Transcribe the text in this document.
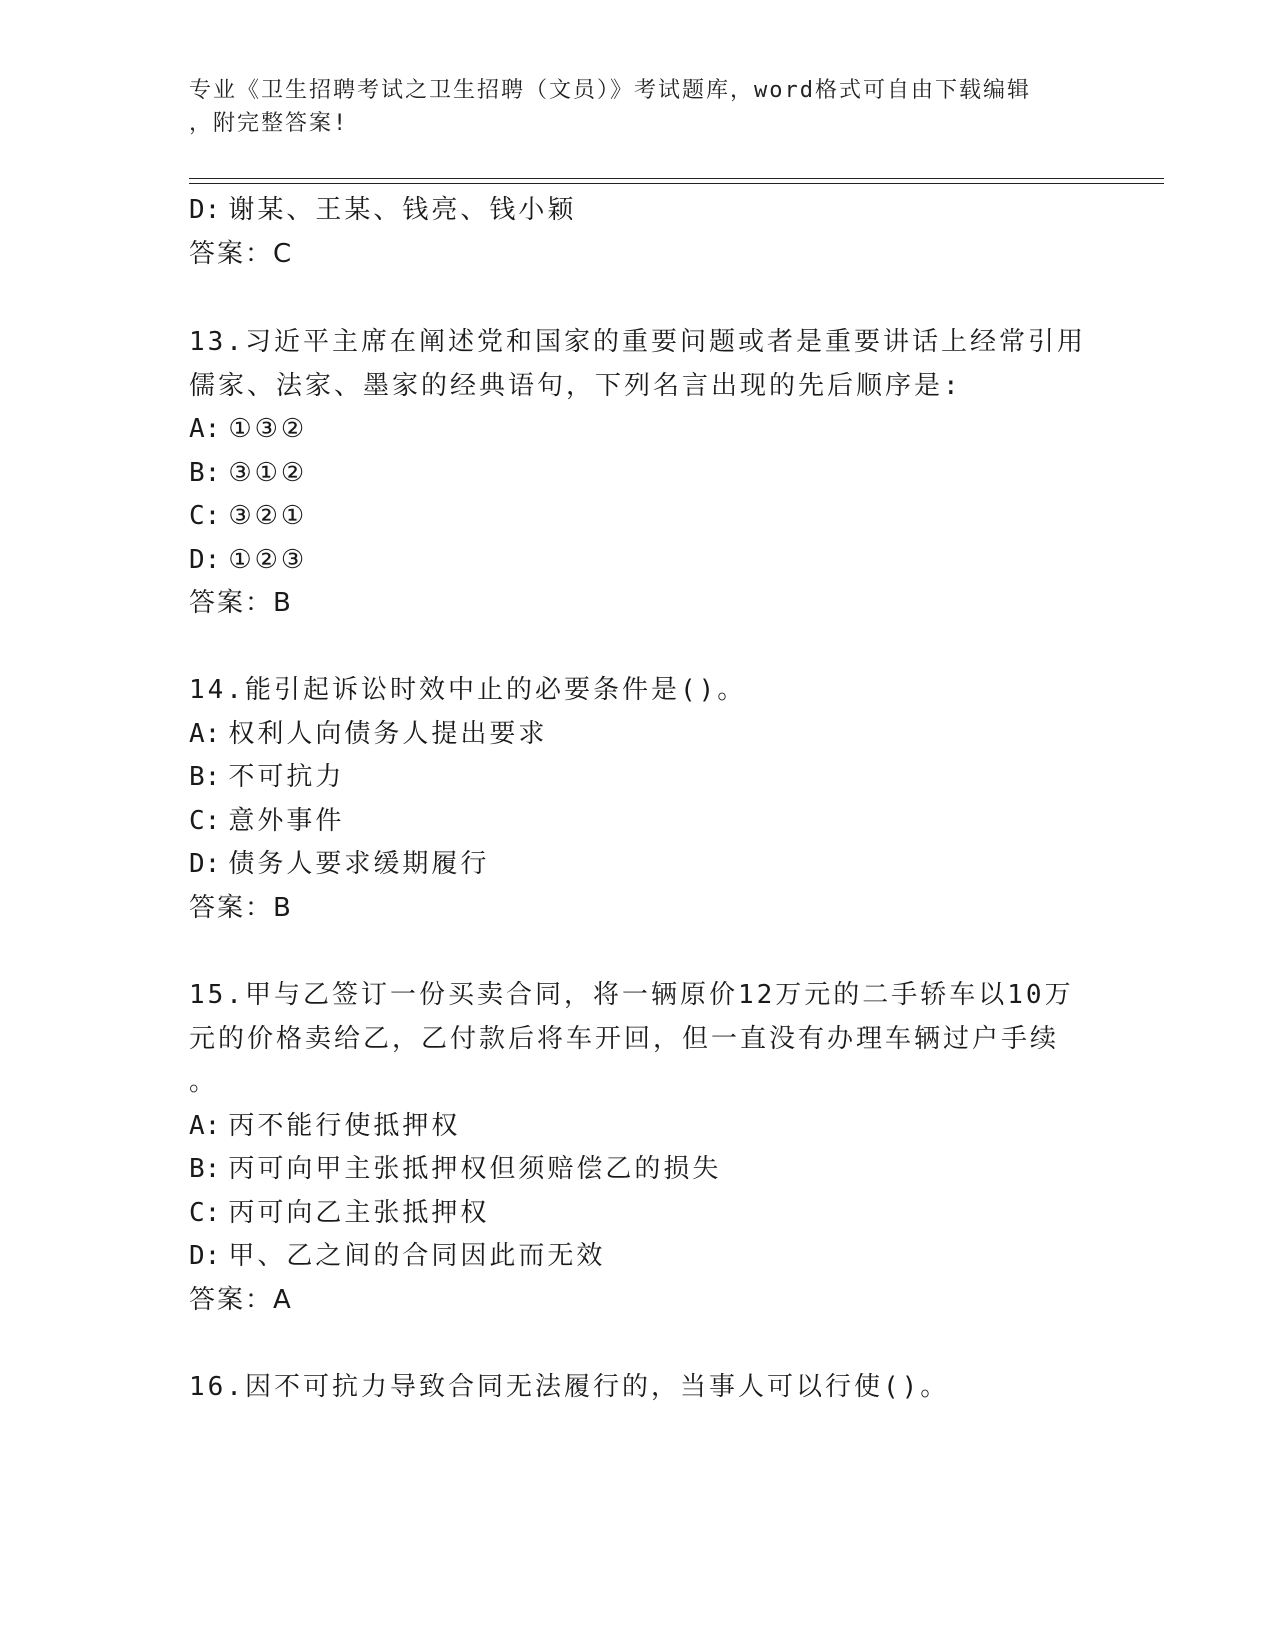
专业《卫生招聘考试之卫生招聘（文员）》考试题库，word格式可自由下载编辑
，附完整答案!
D: 谢某、王某、钱亮、钱小颖
答案：C
13.习近平主席在阐述党和国家的重要问题或者是重要讲话上经常引用
儒家、法家、墨家的经典语句，下列名言出现的先后顺序是:
A: ①③②
B: ③①②
C: ③②①
D: ①②③
答案：B
14.能引起诉讼时效中止的必要条件是()。
A: 权利人向债务人提出要求
B: 不可抗力
C: 意外事件
D: 债务人要求缓期履行
答案：B
15.甲与乙签订一份买卖合同，将一辆原价12万元的二手轿车以10万
元的价格卖给乙，乙付款后将车开回，但一直没有办理车辆过户手续
。
A: 丙不能行使抵押权
B: 丙可向甲主张抵押权但须赔偿乙的损失
C: 丙可向乙主张抵押权
D: 甲、乙之间的合同因此而无效
答案：A
16.因不可抗力导致合同无法履行的，当事人可以行使()。
